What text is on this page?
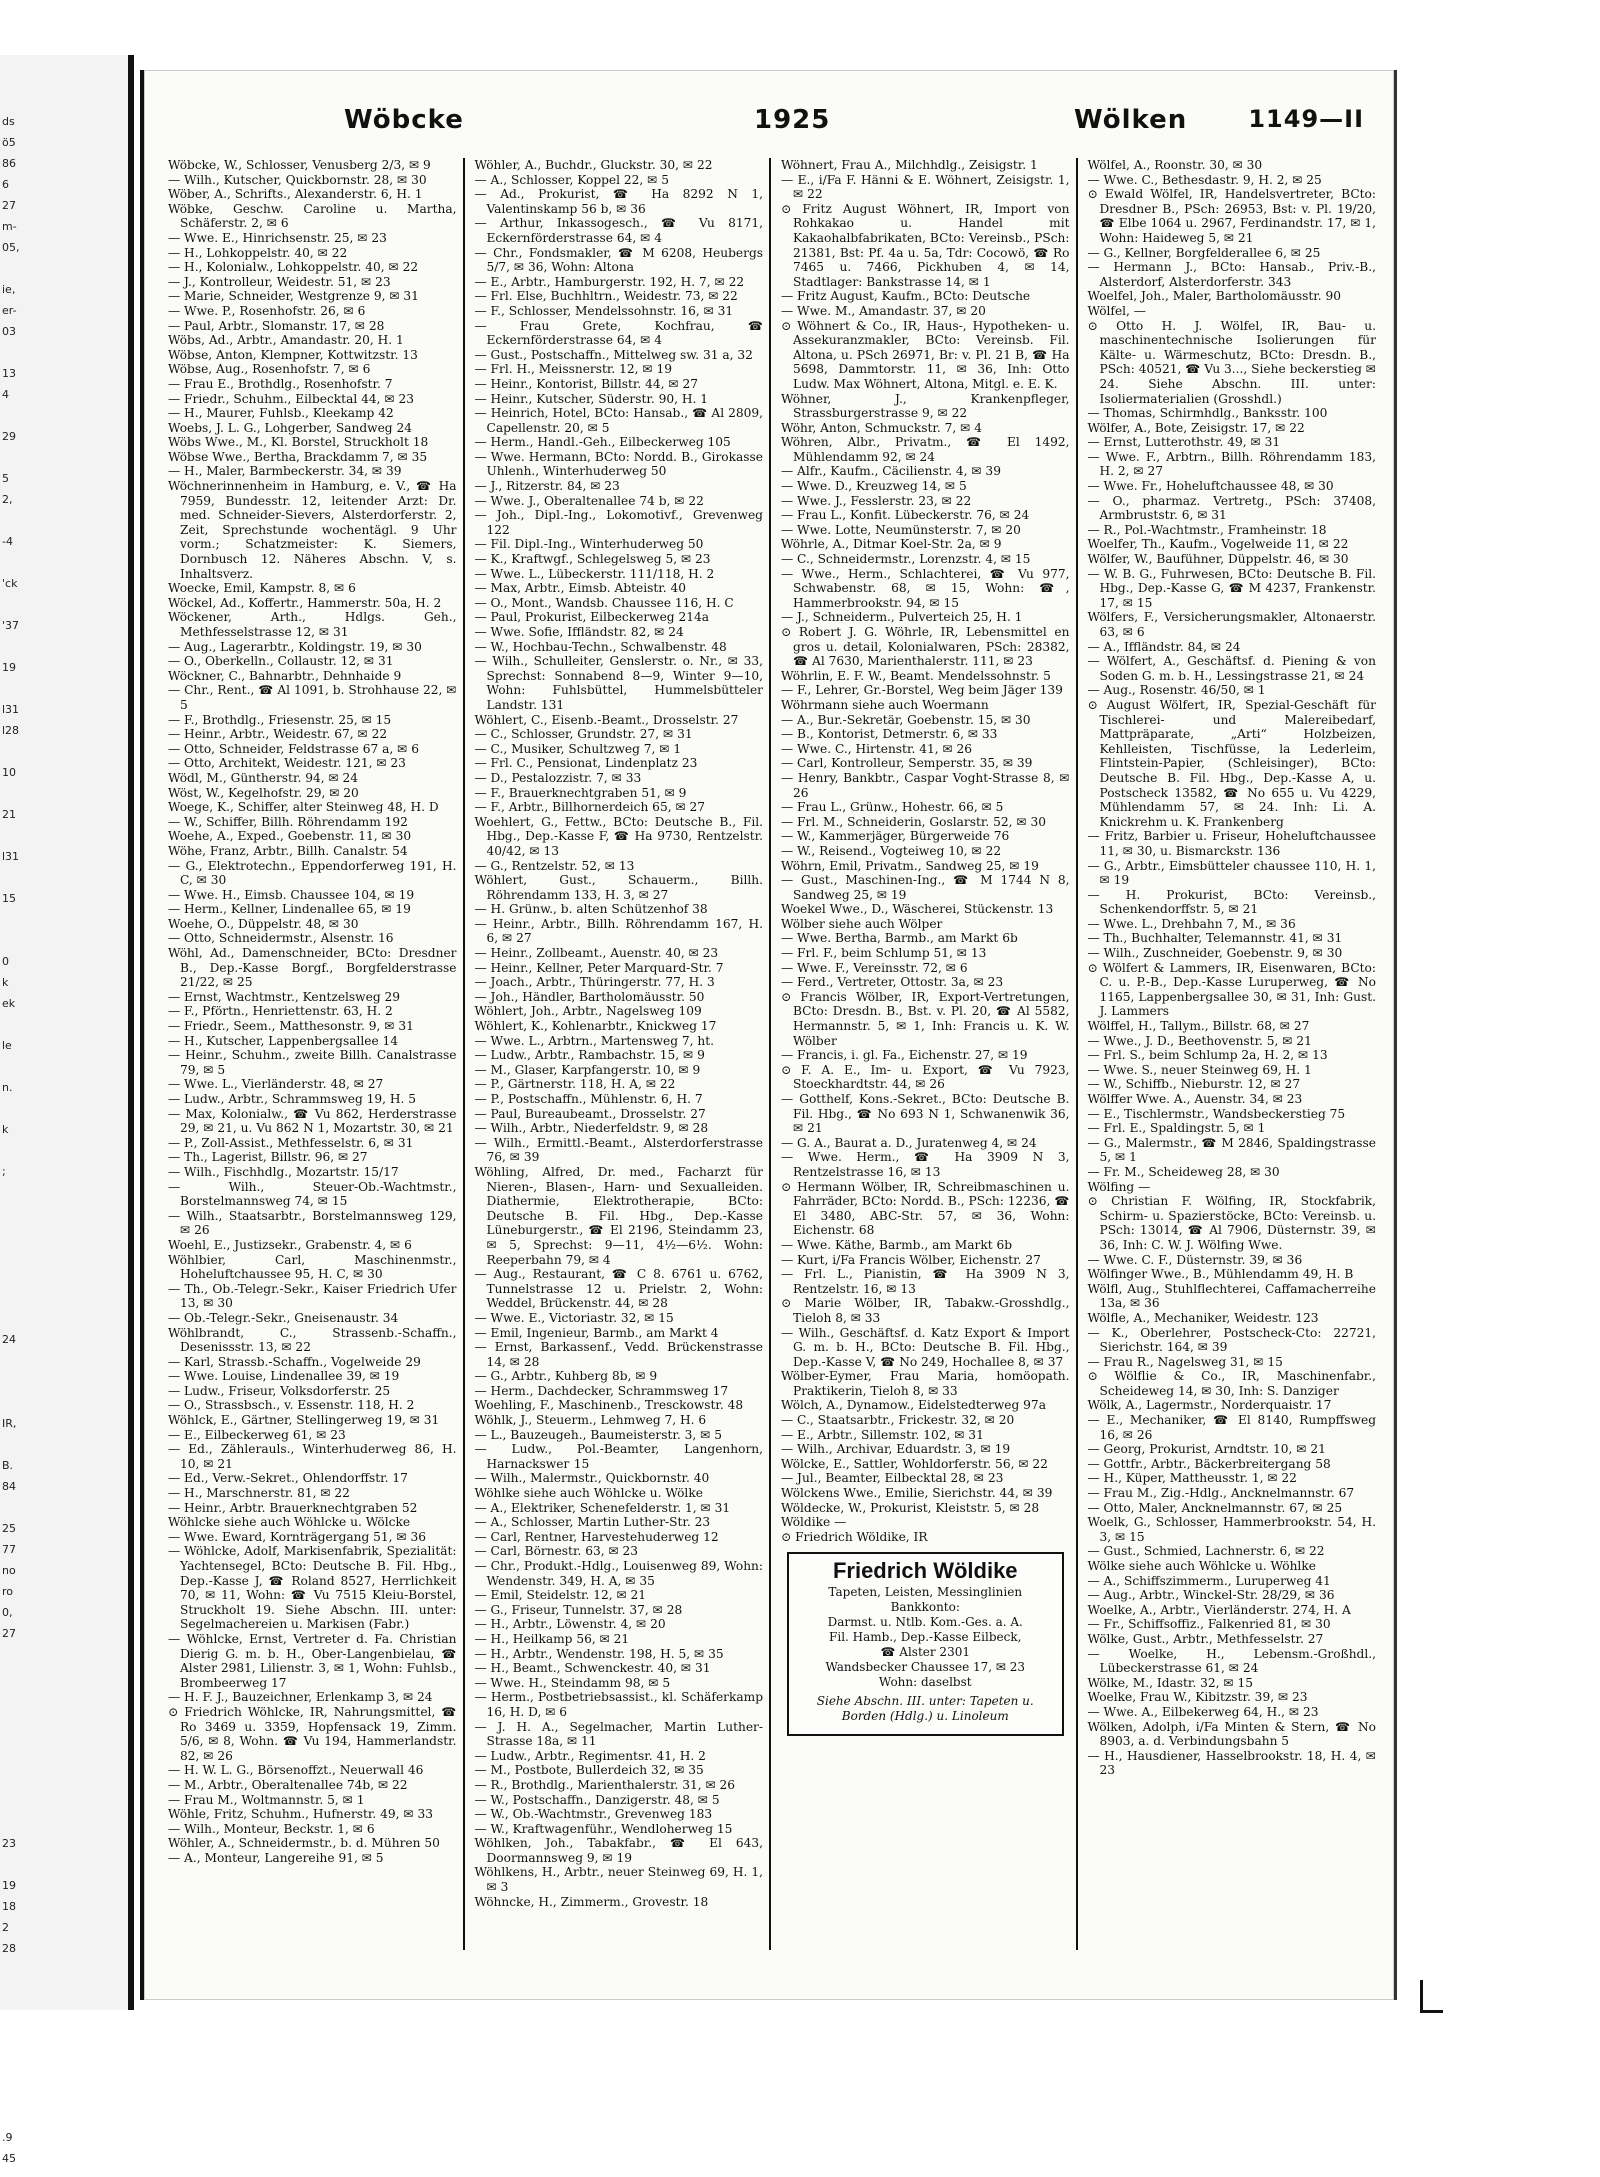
ds
ö5
86
6
27
m-
05,
ie,
er-
03
13
4
29
5
2,
-4
'ck
'37
19
l31
l28
10
21
l31
15
0
k
ek
le
n.
k
;
24
IR,
B.
84
25
77
no
ro
0,
27
23
19
18
2
28
.9
45
Wöbcke	1925	Wölken	1149—II

Wöbcke, W., Schlosser, Venusberg 2/3, ✉ 9

— Wilh., Kutscher, Quickbornstr. 28, ✉ 30

Wöber, A., Schrifts., Alexanderstr. 6, H. 1

Wöbke, Geschw. Caroline u. Martha, Schäferstr. 2, ✉ 6

— Wwe. E., Hinrichsenstr. 25, ✉ 23

— H., Lohkoppelstr. 40, ✉ 22

— H., Kolonialw., Lohkoppelstr. 40, ✉ 22

— J., Kontrolleur, Weidestr. 51, ✉ 23

— Marie, Schneider, Westgrenze 9, ✉ 31

— Wwe. P., Rosenhofstr. 26, ✉ 6

— Paul, Arbtr., Slomanstr. 17, ✉ 28

Wöbs, Ad., Arbtr., Amandastr. 20, H. 1

Wöbse, Anton, Klempner, Kottwitzstr. 13

Wöbse, Aug., Rosenhofstr. 7, ✉ 6

— Frau E., Brothdlg., Rosenhofstr. 7

— Friedr., Schuhm., Eilbecktal 44, ✉ 23

— H., Maurer, Fuhlsb., Kleekamp 42

Woebs, J. L. G., Lohgerber, Sandweg 24

Wöbs Wwe., M., Kl. Borstel, Struckholt 18

Wöbse Wwe., Bertha, Brackdamm 7, ✉ 35

— H., Maler, Barmbeckerstr. 34, ✉ 39

Wöchnerinnenheim in Hamburg, e. V., ☎ Ha 7959, Bundesstr. 12, leitender Arzt: Dr. med. Schneider-Sievers, Alsterdorferstr. 2, Zeit, Sprechstunde wochentägl. 9 Uhr vorm.; Schatzmeister: K. Siemers, Dornbusch 12. Näheres Abschn. V, s. Inhaltsverz.

Woecke, Emil, Kampstr. 8, ✉ 6

Wöckel, Ad., Koffertr., Hammerstr. 50a, H. 2

Wöckener, Arth., Hdlgs. Geh., Methfesselstrasse 12, ✉ 31

— Aug., Lagerarbtr., Koldingstr. 19, ✉ 30

— O., Oberkelln., Collaustr. 12, ✉ 31

Wöckner, C., Bahnarbtr., Dehnhaide 9

— Chr., Rent., ☎ Al 1091, b. Strohhause 22, ✉ 5

— F., Brothdlg., Friesenstr. 25, ✉ 15

— Heinr., Arbtr., Weidestr. 67, ✉ 22

— Otto, Schneider, Feldstrasse 67 a, ✉ 6

— Otto, Architekt, Weidestr. 121, ✉ 23

Wödl, M., Güntherstr. 94, ✉ 24

Wöst, W., Kegelhofstr. 29, ✉ 20

Woege, K., Schiffer, alter Steinweg 48, H. D

— W., Schiffer, Billh. Röhrendamm 192

Woehe, A., Exped., Goebenstr. 11, ✉ 30

Wöhe, Franz, Arbtr., Billh. Canalstr. 54

— G., Elektrotechn., Eppendorferweg 191, H. C, ✉ 30

— Wwe. H., Eimsb. Chaussee 104, ✉ 19

— Herm., Kellner, Lindenallee 65, ✉ 19

Woehe, O., Düppelstr. 48, ✉ 30

— Otto, Schneidermstr., Alsenstr. 16

Wöhl, Ad., Damenschneider, BCto: Dresdner B., Dep.-Kasse Borgf., Borgfelderstrasse 21/22, ✉ 25

— Ernst, Wachtmstr., Kentzelsweg 29

— F., Pförtn., Henriettenstr. 63, H. 2

— Friedr., Seem., Matthesonstr. 9, ✉ 31

— H., Kutscher, Lappenbergsallee 14

— Heinr., Schuhm., zweite Billh. Canalstrasse 79, ✉ 5

— Wwe. L., Vierländerstr. 48, ✉ 27

— Ludw., Arbtr., Schrammsweg 19, H. 5

— Max, Kolonialw., ☎ Vu 862, Herderstrasse 29, ✉ 21, u. Vu 862 N 1, Mozartstr. 30, ✉ 21

— P., Zoll-Assist., Methfesselstr. 6, ✉ 31

— Th., Lagerist, Billstr. 96, ✉ 27

— Wilh., Fischhdlg., Mozartstr. 15/17

— Wilh., Steuer-Ob.-Wachtmstr., Borstelmannsweg 74, ✉ 15

— Wilh., Staatsarbtr., Borstelmannsweg 129, ✉ 26

Woehl, E., Justizsekr., Grabenstr. 4, ✉ 6

Wöhlbier, Carl, Maschinenmstr., Hoheluftchaussee 95, H. C, ✉ 30

— Th., Ob.-Telegr.-Sekr., Kaiser Friedrich Ufer 13, ✉ 30

— Ob.-Telegr.-Sekr., Gneisenaustr. 34

Wöhlbrandt, C., Strassenb.-Schaffn., Desenissstr. 13, ✉ 22

— Karl, Strassb.-Schaffn., Vogelweide 29

— Wwe. Louise, Lindenallee 39, ✉ 19

— Ludw., Friseur, Volksdorferstr. 25

— O., Strassbsch., v. Essenstr. 118, H. 2

Wöhlck, E., Gärtner, Stellingerweg 19, ✉ 31

— E., Eilbeckerweg 61, ✉ 23

— Ed., Zählerauls., Winterhuderweg 86, H. 10, ✉ 21

— Ed., Verw.-Sekret., Ohlendorffstr. 17

— H., Marschnerstr. 81, ✉ 22

— Heinr., Arbtr. Brauerknechtgraben 52

Wöhlcke siehe auch Wöhlcke u. Wölcke

— Wwe. Eward, Kornträgergang 51, ✉ 36

— Wöhlcke, Adolf, Markisenfabrik, Spezialität: Yachtensegel, BCto: Deutsche B. Fil. Hbg., Dep.-Kasse J, ☎ Roland 8527, Herrlichkeit 70, ✉ 11, Wohn: ☎ Vu 7515 Kleiu-Borstel, Struckholt 19. Siehe Abschn. III. unter: Segelmachereien u. Markisen (Fabr.)

— Wöhlcke, Ernst, Vertreter d. Fa. Christian Dierig G. m. b. H., Ober-Langenbielau, ☎ Alster 2981, Lilienstr. 3, ✉ 1, Wohn: Fuhlsb., Brombeerweg 17

— H. F. J., Bauzeichner, Erlenkamp 3, ✉ 24

⊙ Friedrich Wöhlcke, IR, Nahrungsmittel, ☎ Ro 3469 u. 3359, Hopfensack 19, Zimm. 5/6, ✉ 8, Wohn. ☎ Vu 194, Hammerlandstr. 82, ✉ 26

— H. W. L. G., Börsenoffzt., Neuerwall 46

— M., Arbtr., Oberaltenallee 74b, ✉ 22

— Frau M., Woltmannstr. 5, ✉ 1

Wöhle, Fritz, Schuhm., Hufnerstr. 49, ✉ 33

— Wilh., Monteur, Beckstr. 1, ✉ 6

Wöhler, A., Schneidermstr., b. d. Mühren 50

— A., Monteur, Langereihe 91, ✉ 5

Wöhler, A., Buchdr., Gluckstr. 30, ✉ 22

— A., Schlosser, Koppel 22, ✉ 5

— Ad., Prokurist, ☎ Ha 8292 N 1, Valentinskamp 56 b, ✉ 36

— Arthur, Inkassogesch., ☎ Vu 8171, Eckernförderstrasse 64, ✉ 4

— Chr., Fondsmakler, ☎ M 6208, Heubergs 5/7, ✉ 36, Wohn: Altona

— E., Arbtr., Hamburgerstr. 192, H. 7, ✉ 22

— Frl. Else, Buchhltrn., Weidestr. 73, ✉ 22

— F., Schlosser, Mendelssohnstr. 16, ✉ 31

— Frau Grete, Kochfrau, ☎ Eckernförderstrasse 64, ✉ 4

— Gust., Postschaffn., Mittelweg sw. 31 a, 32

— Frl. H., Meissnerstr. 12, ✉ 19

— Heinr., Kontorist, Billstr. 44, ✉ 27

— Heinr., Kutscher, Süderstr. 90, H. 1

— Heinrich, Hotel, BCto: Hansab., ☎ Al 2809, Capellenstr. 20, ✉ 5

— Herm., Handl.-Geh., Eilbeckerweg 105

— Wwe. Hermann, BCto: Nordd. B., Girokasse Uhlenh., Winterhuderweg 50

— J., Ritzerstr. 84, ✉ 23

— Wwe. J., Oberaltenallee 74 b, ✉ 22

— Joh., Dipl.-Ing., Lokomotivf., Grevenweg 122

— Fil. Dipl.-Ing., Winterhuderweg 50

— K., Kraftwgf., Schlegelsweg 5, ✉ 23

— Wwe. L., Lübeckerstr. 111/118, H. 2

— Max, Arbtr., Eimsb. Abteistr. 40

— O., Mont., Wandsb. Chaussee 116, H. C

— Paul, Prokurist, Eilbeckerweg 214a

— Wwe. Sofie, Iffländstr. 82, ✉ 24

— W., Hochbau-Techn., Schwalbenstr. 48

— Wilh., Schulleiter, Genslerstr. o. Nr., ✉ 33, Sprechst: Sonnabend 8—9, Winter 9—10, Wohn: Fuhlsbüttel, Hummelsbütteler Landstr. 131

Wöhlert, C., Eisenb.-Beamt., Drosselstr. 27

— C., Schlosser, Grundstr. 27, ✉ 31

— C., Musiker, Schultzweg 7, ✉ 1

— Frl. C., Pensionat, Lindenplatz 23

— D., Pestalozzistr. 7, ✉ 33

— F., Brauerknechtgraben 51, ✉ 9

— F., Arbtr., Billhornerdeich 65, ✉ 27

Woehlert, G., Fettw., BCto: Deutsche B., Fil. Hbg., Dep.-Kasse F, ☎ Ha 9730, Rentzelstr. 40/42, ✉ 13

— G., Rentzelstr. 52, ✉ 13

Wöhlert, Gust., Schauerm., Billh. Röhrendamm 133, H. 3, ✉ 27

— H. Grünw., b. alten Schützenhof 38

— Heinr., Arbtr., Billh. Röhrendamm 167, H. 6, ✉ 27

— Heinr., Zollbeamt., Auenstr. 40, ✉ 23

— Heinr., Kellner, Peter Marquard-Str. 7

— Joach., Arbtr., Thüringerstr. 77, H. 3

— Joh., Händler, Bartholomäusstr. 50

Wöhlert, Joh., Arbtr., Nagelsweg 109

Wöhlert, K., Kohlenarbtr., Knickweg 17

— Wwe. L., Arbtrn., Martensweg 7, ht.

— Ludw., Arbtr., Rambachstr. 15, ✉ 9

— M., Glaser, Karpfangerstr. 10, ✉ 9

— P., Gärtnerstr. 118, H. A, ✉ 22

— P., Postschaffn., Mühlenstr. 6, H. 7

— Paul, Bureaubeamt., Drosselstr. 27

— Wilh., Arbtr., Niederfeldstr. 9, ✉ 28

— Wilh., Ermittl.-Beamt., Alsterdorferstrasse 76, ✉ 39

Wöhling, Alfred, Dr. med., Facharzt für Nieren-, Blasen-, Harn- und Sexualleiden. Diathermie, Elektrotherapie, BCto: Deutsche B. Fil. Hbg., Dep.-Kasse Lüneburgerstr., ☎ El 2196, Steindamm 23, ✉ 5, Sprechst: 9—11, 4½—6½. Wohn: Reeperbahn 79, ✉ 4

— Aug., Restaurant, ☎ C 8. 6761 u. 6762, Tunnelstrasse 12 u. Prielstr. 2, Wohn: Weddel, Brückenstr. 44, ✉ 28

— Wwe. E., Victoriastr. 32, ✉ 15

— Emil, Ingenieur, Barmb., am Markt 4

— Ernst, Barkassenf., Vedd. Brückenstrasse 14, ✉ 28

— G., Arbtr., Kuhberg 8b, ✉ 9

— Herm., Dachdecker, Schrammsweg 17

Woehling, F., Maschinenb., Tresckowstr. 48

Wöhlk, J., Steuerm., Lehmweg 7, H. 6

— L., Bauzeugeh., Baumeisterstr. 3, ✉ 5

— Ludw., Pol.-Beamter, Langenhorn, Harnackswег 15

— Wilh., Malermstr., Quickbornstr. 40

Wöhlke siehe auch Wöhlcke u. Wölke

— A., Elektriker, Schenefelderstr. 1, ✉ 31

— A., Schlosser, Martin Luther-Str. 23

— Carl, Rentner, Harvestehuderweg 12

— Carl, Börnestr. 63, ✉ 23

— Chr., Produkt.-Hdlg., Louisenweg 89, Wohn: Wendenstr. 349, H. A, ✉ 35

— Emil, Steidelstr. 12, ✉ 21

— G., Friseur, Tunnelstr. 37, ✉ 28

— H., Arbtr., Löwenstr. 4, ✉ 20

— H., Heilkamp 56, ✉ 21

— H., Arbtr., Wendenstr. 198, H. 5, ✉ 35

— H., Beamt., Schwenckestr. 40, ✉ 31

— Wwe. H., Steindamm 98, ✉ 5

— Herm., Postbetriebsassist., kl. Schäferkamp 16, H. D, ✉ 6

— J. H. A., Segelmacher, Martin Luther-Strasse 18a, ✉ 11

— Ludw., Arbtr., Regimentsr. 41, H. 2

— M., Postbote, Bullerdeich 32, ✉ 35

— R., Brothdlg., Marienthalerstr. 31, ✉ 26

— W., Postschaffn., Danzigerstr. 48, ✉ 5

— W., Ob.-Wachtmstr., Grevenweg 183

— W., Kraftwagenführ., Wendloherweg 15

Wöhlken, Joh., Tabakfabr., ☎ El 643, Doormannsweg 9, ✉ 19

Wöhlkens, H., Arbtr., neuer Steinweg 69, H. 1, ✉ 3

Wöhncke, H., Zimmerm., Grovestr. 18

Wöhnert, Frau A., Milchhdlg., Zeisigstr. 1

— E., i/Fa F. Hänni & E. Wöhnert, Zeisigstr. 1, ✉ 22

⊙ Fritz August Wöhnert, IR, Import von Rohkakao u. Handel mit Kakaohalbfabrikaten, BCto: Vereinsb., PSch: 21381, Bst: Pf. 4a u. 5a, Tdr: Cocowö, ☎ Ro 7465 u. 7466, Pickhuben 4, ✉ 14, Stadtlager: Bankstrasse 14, ✉ 1

— Fritz August, Kaufm., BCto: Deutsche

— Wwe. M., Amandastr. 37, ✉ 20

⊙ Wöhnert & Co., IR, Haus-, Hypotheken- u. Assekuranzmakler, BCto: Vereinsb. Fil. Altona, u. PSch 26971, Br: v. Pl. 21 B, ☎ Ha 5698, Dammtorstr. 11, ✉ 36, Inh: Otto Ludw. Max Wöhnert, Altona, Mitgl. e. E. K.

Wöhner, J., Krankenpfleger, Strassburgerstrasse 9, ✉ 22

Wöhr, Anton, Schmuckstr. 7, ✉ 4

Wöhren, Albr., Privatm., ☎ El 1492, Mühlendamm 92, ✉ 24

— Alfr., Kaufm., Cäcilienstr. 4, ✉ 39

— Wwe. D., Kreuzweg 14, ✉ 5

— Wwe. J., Fesslerstr. 23, ✉ 22

— Frau L., Konfit. Lübeckerstr. 76, ✉ 24

— Wwe. Lotte, Neumünsterstr. 7, ✉ 20

Wöhrle, A., Ditmar Koel-Str. 2a, ✉ 9

— C., Schneidermstr., Lorenzstr. 4, ✉ 15

— Wwe., Herm., Schlachterei, ☎ Vu 977, Schwabenstr. 68, ✉ 15, Wohn: ☎, Hammerbrookstr. 94, ✉ 15

— J., Schneiderm., Pulverteich 25, H. 1

⊙ Robert J. G. Wöhrle, IR, Lebensmittel en gros u. detail, Kolonialwaren, PSch: 28382, ☎ Al 7630, Marienthalerstr. 111, ✉ 23

Wöhrlin, E. F. W., Beamt. Mendelssohnstr. 5

— F., Lehrer, Gr.-Borstel, Weg beim Jäger 139

Wöhrmann siehe auch Woermann

— A., Bur.-Sekretär, Goebenstr. 15, ✉ 30

— B., Kontorist, Detmerstr. 6, ✉ 33

— Wwe. C., Hirtenstr. 41, ✉ 26

— Carl, Kontrolleur, Semperstr. 35, ✉ 39

— Henry, Bankbtr., Caspar Voght-Strasse 8, ✉ 26

— Frau L., Grünw., Hohestr. 66, ✉ 5

— Frl. M., Schneiderin, Goslarstr. 52, ✉ 30

— W., Kammerjäger, Bürgerweide 76

— W., Reisend., Vogteiweg 10, ✉ 22

Wöhrn, Emil, Privatm., Sandweg 25, ✉ 19

— Gust., Maschinen-Ing., ☎ M 1744 N 8, Sandweg 25, ✉ 19

Woekel Wwe., D., Wäscherei, Stückenstr. 13

Wölber siehe auch Wölper

— Wwe. Bertha, Barmb., am Markt 6b

— Frl. F., beim Schlump 51, ✉ 13

— Wwe. F., Vereinsstr. 72, ✉ 6

— Ferd., Vertreter, Ottostr. 3a, ✉ 23

⊙ Francis Wölber, IR, Export-Vertretungen, BCto: Dresdn. B., Bst. v. Pl. 20, ☎ Al 5582, Hermannstr. 5, ✉ 1, Inh: Francis u. K. W. Wölber

— Francis, i. gl. Fa., Eichenstr. 27, ✉ 19

⊙ F. A. E., Im- u. Export, ☎ Vu 7923, Stoeckhardtstr. 44, ✉ 26

— Gotthelf, Kons.-Sekret., BCto: Deutsche B. Fil. Hbg., ☎ No 693 N 1, Schwanenwik 36, ✉ 21

— G. A., Baurat a. D., Juratenweg 4, ✉ 24

— Wwe. Herm., ☎ Ha 3909 N 3, Rentzelstrasse 16, ✉ 13

⊙ Hermann Wölber, IR, Schreibmaschinen u. Fahrräder, BCto: Nordd. B., PSch: 12236, ☎ El 3480, ABC-Str. 57, ✉ 36, Wohn: Eichenstr. 68

— Wwe. Käthe, Barmb., am Markt 6b

— Kurt, i/Fa Francis Wölber, Eichenstr. 27

— Frl. L., Pianistin, ☎ Ha 3909 N 3, Rentzelstr. 16, ✉ 13

⊙ Marie Wölber, IR, Tabakw.-Grosshdlg., Tieloh 8, ✉ 33

— Wilh., Geschäftsf. d. Katz Export & Import G. m. b. H., BCto: Deutsche B. Fil. Hbg., Dep.-Kasse V, ☎ No 249, Hochallee 8, ✉ 37

Wölber-Eymer, Frau Maria, homöopath. Praktikerin, Tieloh 8, ✉ 33

Wölch, A., Dynamow., Eidelstedterweg 97a

— C., Staatsarbtr., Frickestr. 32, ✉ 20

— E., Arbtr., Sillemstr. 102, ✉ 31

— Wilh., Archivar, Eduardstr. 3, ✉ 19

Wölcke, E., Sattler, Wohldorferstr. 56, ✉ 22

— Jul., Beamter, Eilbecktal 28, ✉ 23

Wölckens Wwe., Emilie, Sierichstr. 44, ✉ 39

Wöldecke, W., Prokurist, Kleiststr. 5, ✉ 28

Wöldike —

⊙ Friedrich Wöldike, IR

Friedrich Wöldike
Tapeten, Leisten, Messinglinien
Bankkonto:
Darmst. u. Ntlb. Kom.-Ges. a. A.
Fil. Hamb., Dep.-Kasse Eilbeck,
☎ Alster 2301
Wandsbecker Chaussee 17, ✉ 23
Wohn: daselbst
Siehe Abschn. III. unter: Tapeten u. Borden (Hdlg.) u. Linoleum

Wölfel, A., Roonstr. 30, ✉ 30

— Wwe. C., Bethesdastr. 9, H. 2, ✉ 25

⊙ Ewald Wölfel, IR, Handelsvertreter, BCto: Dresdner B., PSch: 26953, Bst: v. Pl. 19/20, ☎ Elbe 1064 u. 2967, Ferdinandstr. 17, ✉ 1, Wohn: Haideweg 5, ✉ 21

— G., Kellner, Borgfelderallee 6, ✉ 25

— Hermann J., BCto: Hansab., Priv.-B., Alsterdorf, Alsterdorferstr. 343

Woelfel, Joh., Maler, Bartholomäusstr. 90

Wölfel, —

⊙ Otto H. J. Wölfel, IR, Bau- u. maschinentechnische Isolierungen für Kälte- u. Wärmeschutz, BCto: Dresdn. B., PSch: 40521, ☎ Vu 3..., Siehe beckerstieg ✉ 24. Siehe Abschn. III. unter: Isoliermaterialien (Grosshdl.)

— Thomas, Schirmhdlg., Banksstr. 100

Wölfer, A., Bote, Zeisigstr. 17, ✉ 22

— Ernst, Lutterothstr. 49, ✉ 31

— Wwe. F., Arbtrn., Billh. Röhrendamm 183, H. 2, ✉ 27

— Wwe. Fr., Hoheluftchaussee 48, ✉ 30

— O., pharmaz. Vertretg., PSch: 37408, Armbruststr. 6, ✉ 31

— R., Pol.-Wachtmstr., Framheinstr. 18

Woelfer, Th., Kaufm., Vogelweide 11, ✉ 22

Wölfer, W., Baufühner, Düppelstr. 46, ✉ 30

— W. B. G., Fuhrwesen, BCto: Deutsche B. Fil. Hbg., Dep.-Kasse G, ☎ M 4237, Frankenstr. 17, ✉ 15

Wölfers, F., Versicherungsmakler, Altonaerstr. 63, ✉ 6

— A., Iffländstr. 84, ✉ 24

— Wölfert, A., Geschäftsf. d. Piening & von Soden G. m. b. H., Lessingstrasse 21, ✉ 24

— Aug., Rosenstr. 46/50, ✉ 1

⊙ August Wölfert, IR, Spezial-Geschäft für Tischlerei- und Malereibedarf, Mattpräparate, „Arti“ Holzbeizen, Kehlleisten, Tischfüsse, la Lederleim, Flintstein-Papier, (Schleisinger), BCto: Deutsche B. Fil. Hbg., Dep.-Kasse A, u. Postscheck 13582, ☎ No 655 u. Vu 4229, Mühlendamm 57, ✉ 24. Inh: Li. A. Knickrehm u. K. Frankenberg

— Fritz, Barbier u. Friseur, Hoheluftchaussee 11, ✉ 30, u. Bismarckstr. 136

— G., Arbtr., Eimsbütteler chaussee 110, H. 1, ✉ 19

— H. Prokurist, BCto: Vereinsb., Schenkendorffstr. 5, ✉ 21

— Wwe. L., Drehbahn 7, M., ✉ 36

— Th., Buchhalter, Telemannstr. 41, ✉ 31

— Wilh., Zuschneider, Goebenstr. 9, ✉ 30

⊙ Wölfert & Lammers, IR, Eisenwaren, BCto: C. u. P.-B., Dep.-Kasse Luruperweg, ☎ No 1165, Lappenbergsallee 30, ✉ 31, Inh: Gust. J. Lammers

Wölffel, H., Tallym., Billstr. 68, ✉ 27

— Wwe., J. D., Beethovenstr. 5, ✉ 21

— Frl. S., beim Schlump 2a, H. 2, ✉ 13

— Wwe. S., neuer Steinweg 69, H. 1

— W., Schiffb., Nieburstr. 12, ✉ 27

Wölffer Wwe. A., Auenstr. 34, ✉ 23

— E., Tischlermstr., Wandsbeckerstieg 75

— Frl. E., Spaldingstr. 5, ✉ 1

— G., Malermstr., ☎ M 2846, Spaldingstrasse 5, ✉ 1

— Fr. M., Scheideweg 28, ✉ 30

Wölfing —

⊙ Christian F. Wölfing, IR, Stockfabrik, Schirm- u. Spazierstöcke, BCto: Vereinsb. u. PSch: 13014, ☎ Al 7906, Düsternstr. 39, ✉ 36, Inh: C. W. J. Wölfing Wwe.

— Wwe. C. F., Düsternstr. 39, ✉ 36

Wölfinger Wwe., B., Mühlendamm 49, H. B

Wölfl, Aug., Stuhlflechterei, Caffamacherreihe 13a, ✉ 36

Wölfle, A., Mechaniker, Weidestr. 123

— K., Oberlehrer, Postscheck-Cto: 22721, Sierichstr. 164, ✉ 39

— Frau R., Nagelsweg 31, ✉ 15

⊙ Wölflie & Co., IR, Maschinenfabr., Scheideweg 14, ✉ 30, Inh: S. Danziger

Wölk, A., Lagermstr., Norderquaistr. 17

— E., Mechaniker, ☎ El 8140, Rumpffsweg 16, ✉ 26

— Georg, Prokurist, Arndtstr. 10, ✉ 21

— Gottfr., Arbtr., Bäckerbreitergang 58

— H., Küper, Mattheusstr. 1, ✉ 22

— Frau M., Zig.-Hdlg., Ancknelmannstr. 67

— Otto, Maler, Ancknelmannstr. 67, ✉ 25

Woelk, G., Schlosser, Hammerbrookstr. 54, H. 3, ✉ 15

— Gust., Schmied, Lachnerstr. 6, ✉ 22

Wölke siehe auch Wöhlcke u. Wöhlke

— A., Schiffszimmerm., Luruperweg 41

— Aug., Arbtr., Winckel-Str. 28/29, ✉ 36

Woelke, A., Arbtr., Vierländerstr. 274, H. A

— Fr., Schiffsoffiz., Falkenried 81, ✉ 30

Wölke, Gust., Arbtr., Methfesselstr. 27

— Woelke, H., Lebensm.-Großhdl., Lübeckerstrasse 61, ✉ 24

Wölke, M., Idastr. 32, ✉ 15

Woelke, Frau W., Kibitzstr. 39, ✉ 23

— Wwe. A., Eilbekerweg 64, H., ✉ 23

Wölken, Adolph, i/Fa Minten & Stern, ☎ No 8903, a. d. Verbindungsbahn 5

— H., Hausdiener, Hasselbrookstr. 18, H. 4, ✉ 23
